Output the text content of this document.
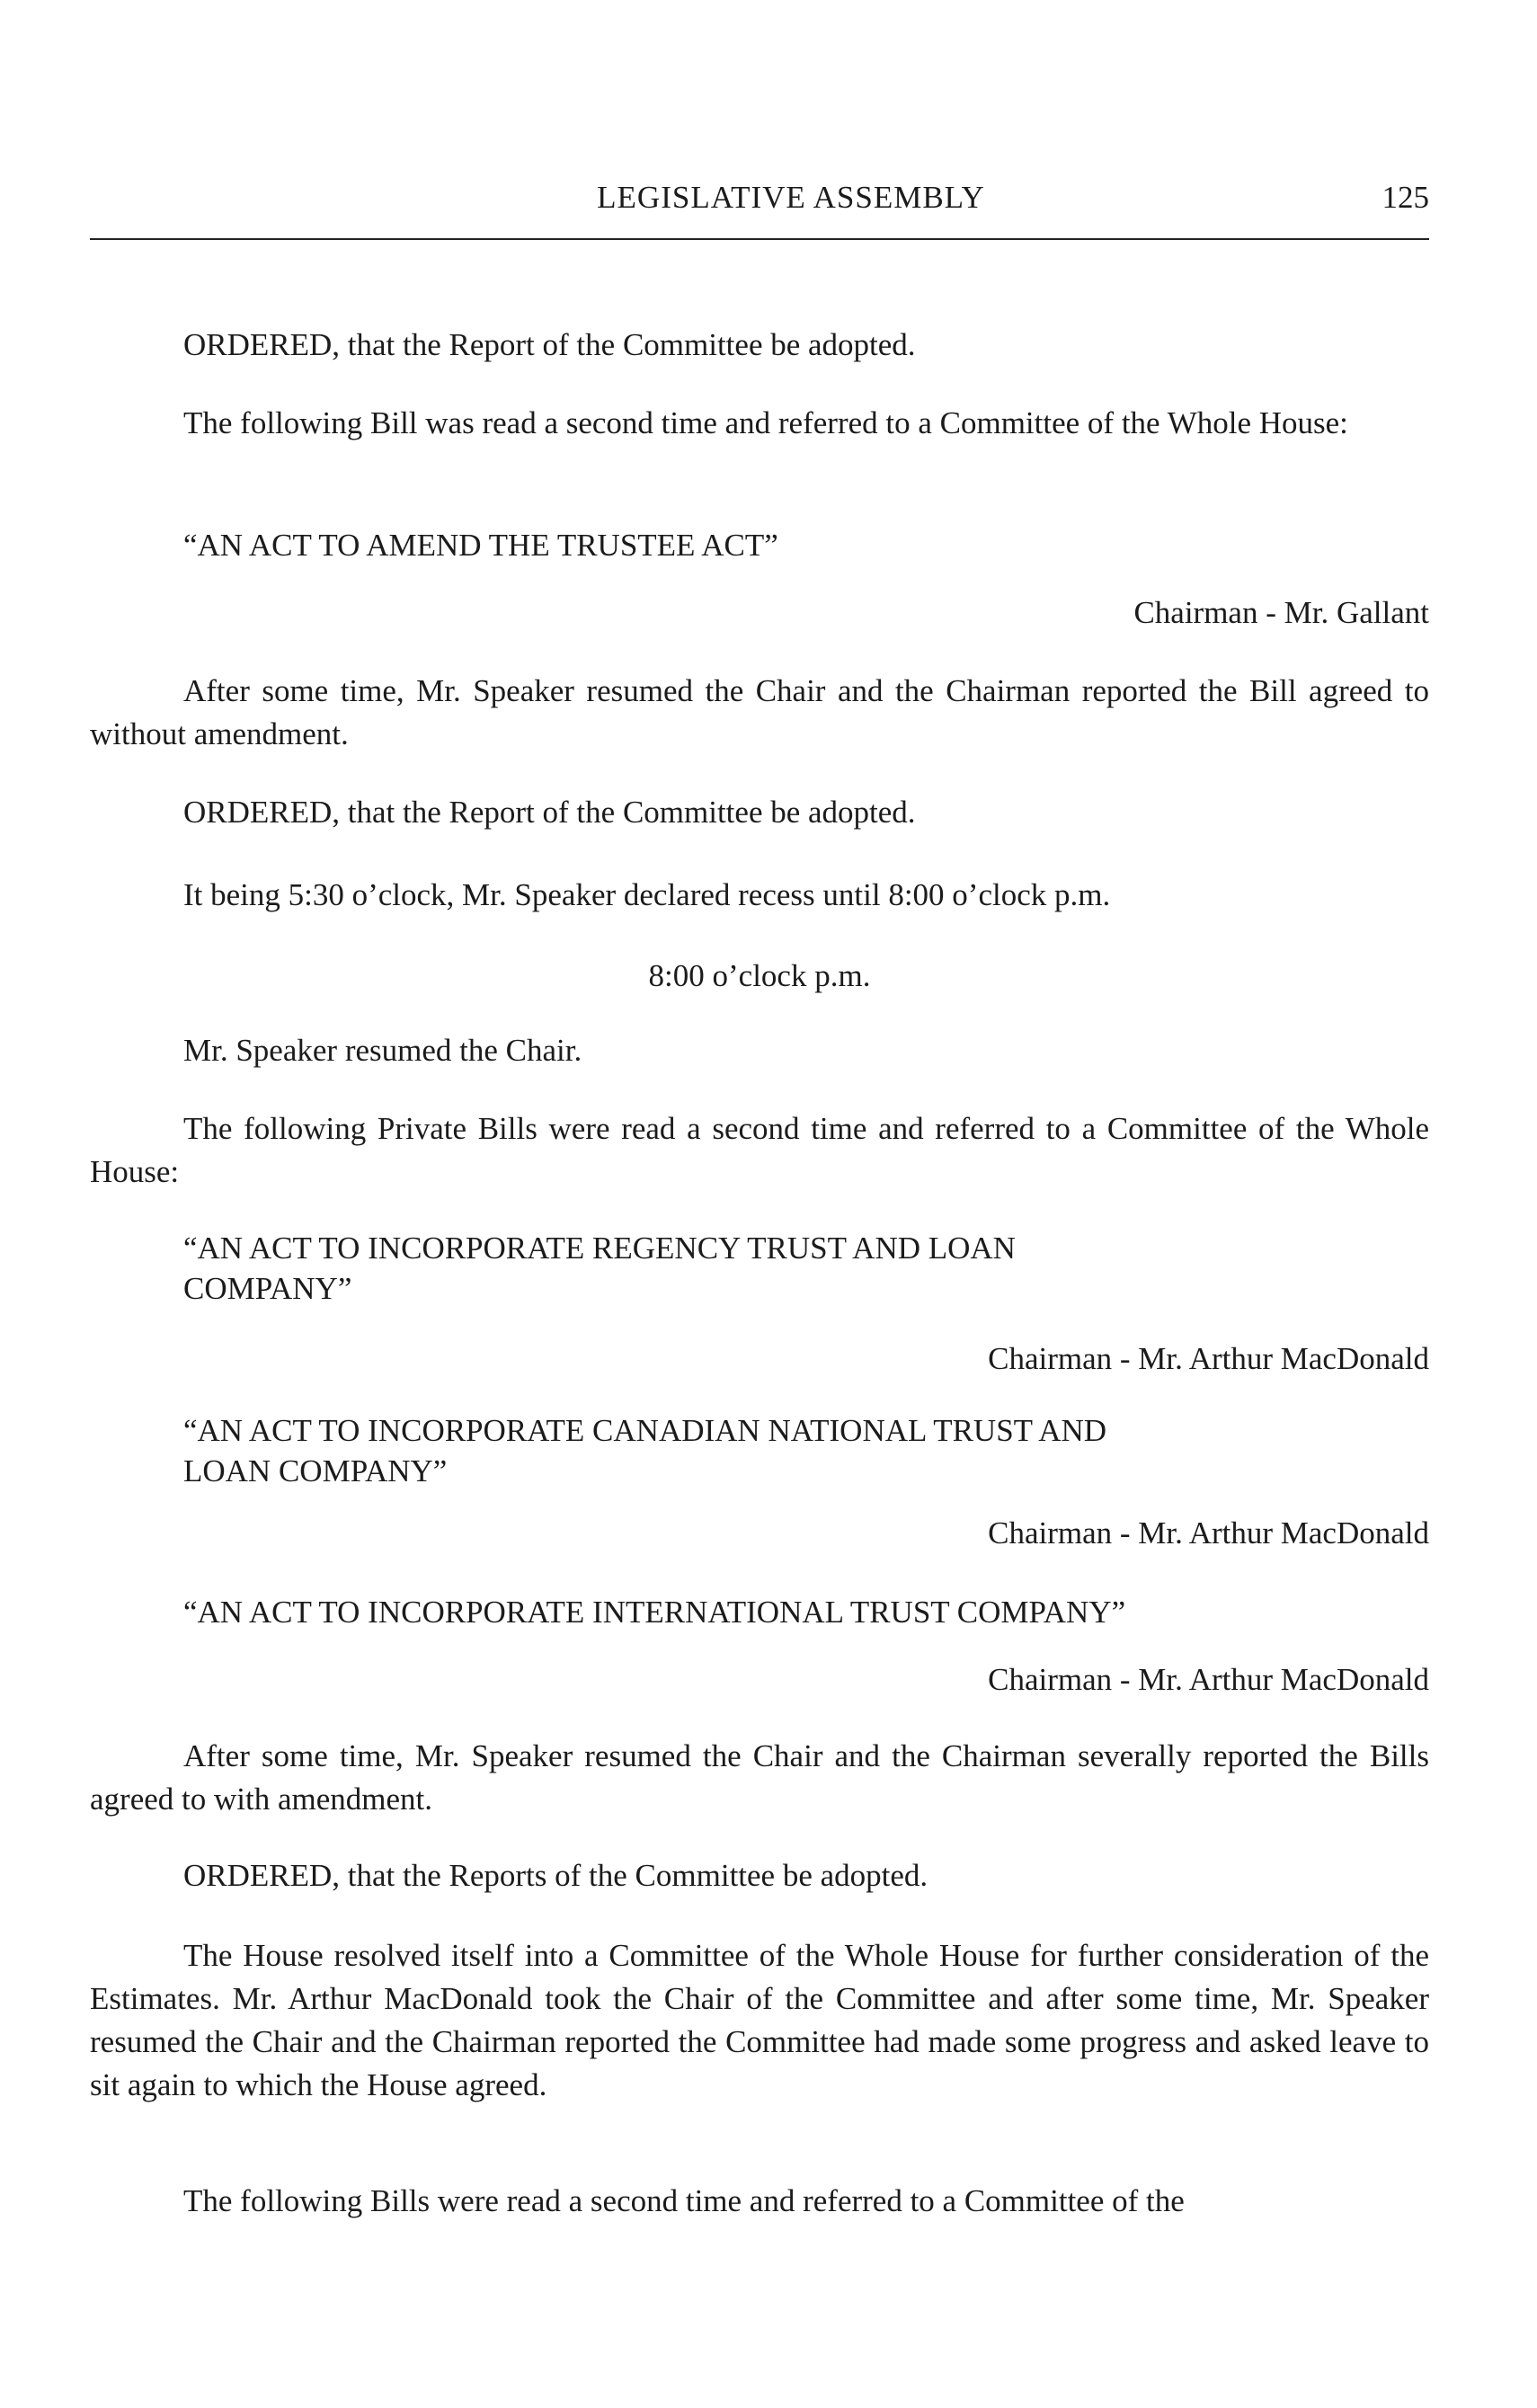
LEGISLATIVE ASSEMBLY	125

ORDERED, that the Report of the Committee be adopted.

The following Bill was read a second time and referred to a Committee of the Whole House:

“AN ACT TO AMEND THE TRUSTEE ACT”

Chairman - Mr. Gallant

After some time, Mr. Speaker resumed the Chair and the Chairman reported the Bill agreed to without amendment.

ORDERED, that the Report of the Committee be adopted.

It being 5:30 o’clock, Mr. Speaker declared recess until 8:00 o’clock p.m.

8:00 o’clock p.m.

Mr. Speaker resumed the Chair.

The following Private Bills were read a second time and referred to a Committee of the Whole House:

“AN ACT TO INCORPORATE REGENCY TRUST AND LOAN

COMPANY”

Chairman - Mr. Arthur MacDonald

“AN ACT TO INCORPORATE CANADIAN NATIONAL TRUST AND

LOAN COMPANY”

Chairman - Mr. Arthur MacDonald

“AN ACT TO INCORPORATE INTERNATIONAL TRUST COMPANY”

Chairman - Mr. Arthur MacDonald

After some time, Mr. Speaker resumed the Chair and the Chairman severally reported the Bills agreed to with amendment.

ORDERED, that the Reports of the Committee be adopted.

The House resolved itself into a Committee of the Whole House for further consideration of the Estimates. Mr. Arthur MacDonald took the Chair of the Committee and after some time, Mr. Speaker resumed the Chair and the Chairman reported the Committee had made some progress and asked leave to sit again to which the House agreed.

The following Bills were read a second time and referred to a Committee of the
